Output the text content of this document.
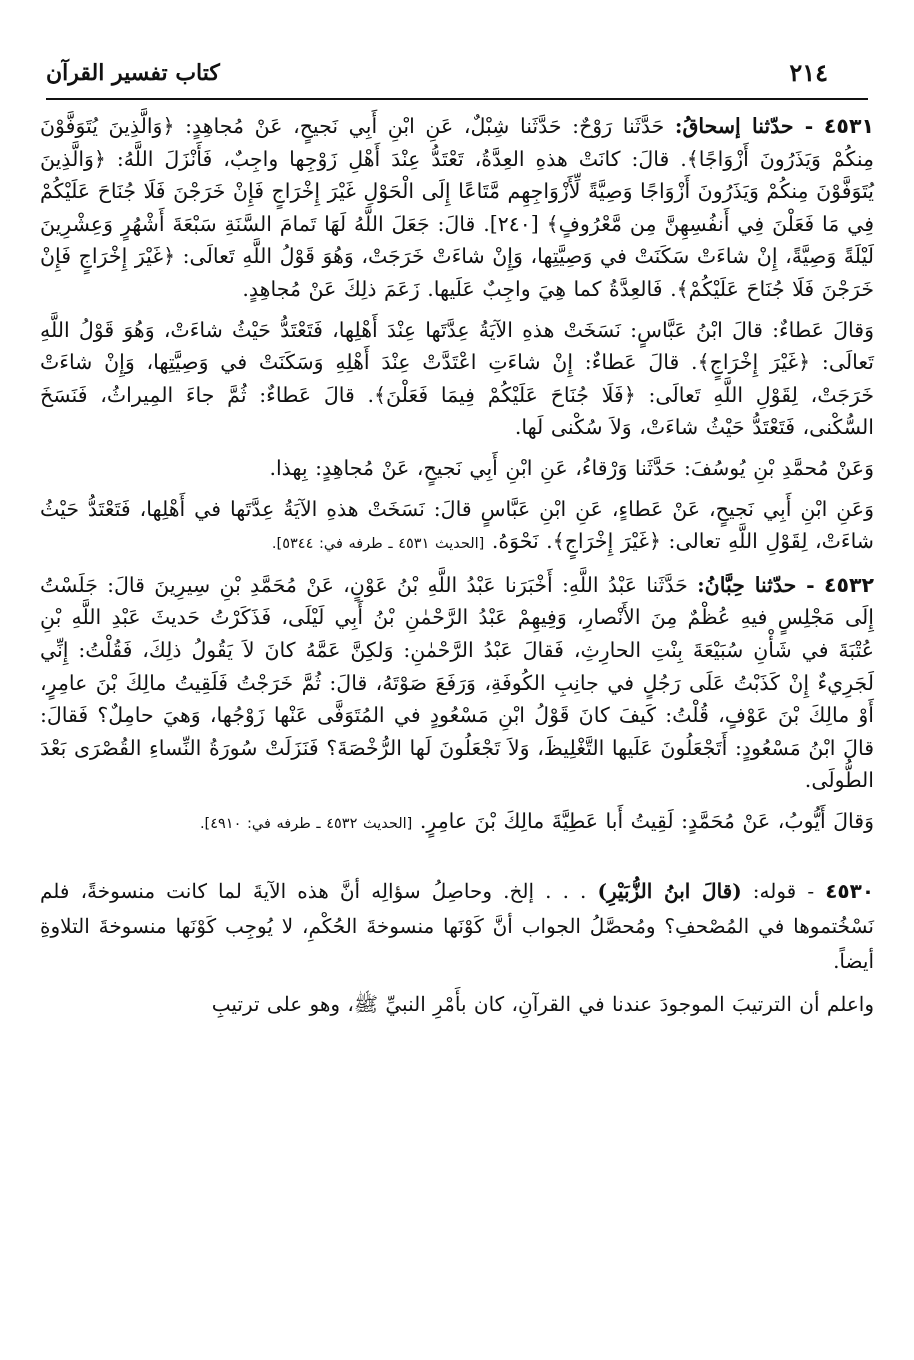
٢١٤
كتاب تفسير القرآن

٤٥٣١ - حدّثنا إسحاقُ: حَدَّثَنا رَوْحٌ: حَدَّثَنا شِبْلٌ، عَنِ ابْنِ أَبِي نَجيحٍ، عَنْ مُجاهِدٍ: ﴿وَالَّذِينَ يُتَوَفَّوْنَ مِنكُمْ وَيَذَرُونَ أَزْوَاجًا﴾. قالَ: كانَتْ هذهِ العِدَّةُ، تَعْتَدُّ عِنْدَ أَهْلِ زَوْجِها واجِبٌ، فَأَنْزَلَ اللَّهُ: ﴿وَالَّذِينَ يُتَوَفَّوْنَ مِنكُمْ وَيَذَرُونَ أَزْوَاجًا وَصِيَّةً لِّأَزْوَاجِهِم مَّتَاعًا إِلَى الْحَوْلِ غَيْرَ إِخْرَاجٍ فَإِنْ خَرَجْنَ فَلَا جُنَاحَ عَلَيْكُمْ فِي مَا فَعَلْنَ فِي أَنفُسِهِنَّ مِن مَّعْرُوفٍ﴾ [٢٤٠]. قالَ: جَعَلَ اللَّهُ لَهَا تَمامَ السَّنَةِ سَبْعَةَ أَشْهُرٍ وَعِشْرِينَ لَيْلَةً وَصِيَّةً، إِنْ شاءَتْ سَكَنَتْ في وَصِيَّتِها، وَإِنْ شاءَتْ خَرَجَتْ، وَهُوَ قَوْلُ اللَّهِ تَعالَى: ﴿غَيْرَ إِخْرَاجٍ فَإِنْ خَرَجْنَ فَلَا جُنَاحَ عَلَيْكُمْ﴾. فَالعِدَّةُ كما هِيَ واجِبٌ عَلَيها. زَعَمَ ذلِكَ عَنْ مُجاهِدٍ.

وَقالَ عَطاءٌ: قالَ ابْنُ عَبَّاسٍ: نَسَخَتْ هذهِ الآيَةُ عِدَّتَها عِنْدَ أَهْلِها، فَتَعْتَدُّ حَيْثُ شاءَتْ، وَهُوَ قَوْلُ اللَّهِ تَعالَى: ﴿غَيْرَ إِخْرَاجٍ﴾. قالَ عَطاءٌ: إِنْ شاءَتِ اعْتَدَّتْ عِنْدَ أَهْلِهِ وَسَكَنَتْ في وَصِيَّتِها، وَإِنْ شاءَتْ خَرَجَتْ، لِقَوْلِ اللَّهِ تَعالَى: ﴿فَلَا جُنَاحَ عَلَيْكُمْ فِيمَا فَعَلْنَ﴾. قالَ عَطاءٌ: ثُمَّ جاءَ المِيراثُ، فَنَسَخَ السُّكْنى، فَتَعْتَدُّ حَيْثُ شاءَتْ، وَلاَ سُكْنى لَها.

وَعَنْ مُحمَّدِ بْنِ يُوسُفَ: حَدَّثَنا وَرْقاءُ، عَنِ ابْنِ أَبِي نَجيحٍ، عَنْ مُجاهِدٍ: بِهذا.

وَعَنِ ابْنِ أَبِي نَجيحٍ، عَنْ عَطاءٍ، عَنِ ابْنِ عَبَّاسٍ قالَ: نَسَخَتْ هذهِ الآيَةُ عِدَّتَها في أَهْلِها، فَتَعْتَدُّ حَيْثُ شاءَتْ، لِقَوْلِ اللَّهِ تعالى: ﴿غَيْرَ إِخْرَاجٍ﴾. نَحْوَهُ. [الحديث ٤٥٣١ ـ طرفه في: ٥٣٤٤].

٤٥٣٢ - حدّثنا حِبَّانُ: حَدَّثَنا عَبْدُ اللَّهِ: أَخْبَرَنا عَبْدُ اللَّهِ بْنُ عَوْنٍ، عَنْ مُحَمَّدِ بْنِ سِيرِينَ قالَ: جَلَسْتُ إِلَى مَجْلِسٍ فيهِ عُظْمٌ مِنَ الأَنْصارِ، وَفِيهِمْ عَبْدُ الرَّحْمٰنِ بْنُ أَبِي لَيْلَى، فَذَكَرْتُ حَديثَ عَبْدِ اللَّهِ بْنِ عُتْبَةَ في شَأْنِ سُبَيْعَةَ بِنْتِ الحارِثِ، فَقالَ عَبْدُ الرَّحْمٰنِ: وَلكِنَّ عَمَّهُ كانَ لاَ يَقُولُ ذلِكَ، فَقُلْتُ: إِنِّي لَجَرِيءٌ إِنْ كَذَبْتُ عَلَى رَجُلٍ في جانِبِ الكُوفَةِ، وَرَفَعَ صَوْتَهُ، قالَ: ثُمَّ خَرَجْتُ فَلَقِيتُ مالِكَ بْنَ عامِرٍ، أَوْ مالِكَ بْنَ عَوْفٍ، قُلْتُ: كَيفَ كانَ قَوْلُ ابْنِ مَسْعُودٍ في المُتَوَفَّى عَنْها زَوْجُها، وَهيَ حامِلٌ؟ فَقالَ: قالَ ابْنُ مَسْعُودٍ: أَتَجْعَلُونَ عَلَيها التَّغْلِيظَ، وَلاَ تَجْعَلُونَ لَها الرُّخْصَةَ؟ فَنَزَلَتْ سُورَةُ النِّساءِ القُصْرَى بَعْدَ الطُّولَى.

وَقالَ أَيُّوبُ، عَنْ مُحَمَّدٍ: لَقِيتُ أَبا عَطِيَّةَ مالِكَ بْنَ عامِرٍ. [الحديث ٤٥٣٢ ـ طرفه في: ٤٩١٠].

٤٥٣٠ - قوله: (قالَ ابنُ الزُّبَيْرِ) . . . إلخ. وحاصِلُ سؤالِه أنَّ هذه الآيةَ لما كانت منسوخةً، فلم نَسْخُتموها في المُصْحفِ؟ ومُحصَّلُ الجواب أنَّ كَوْنَها منسوخةَ الحُكْمِ، لا يُوجِب كَوْنَها منسوخةَ التلاوةِ أيضاً.

واعلم أن الترتيبَ الموجودَ عندنا في القرآنِ، كان بأَمْرِ النبيِّ ﷺ، وهو على ترتيبِ
